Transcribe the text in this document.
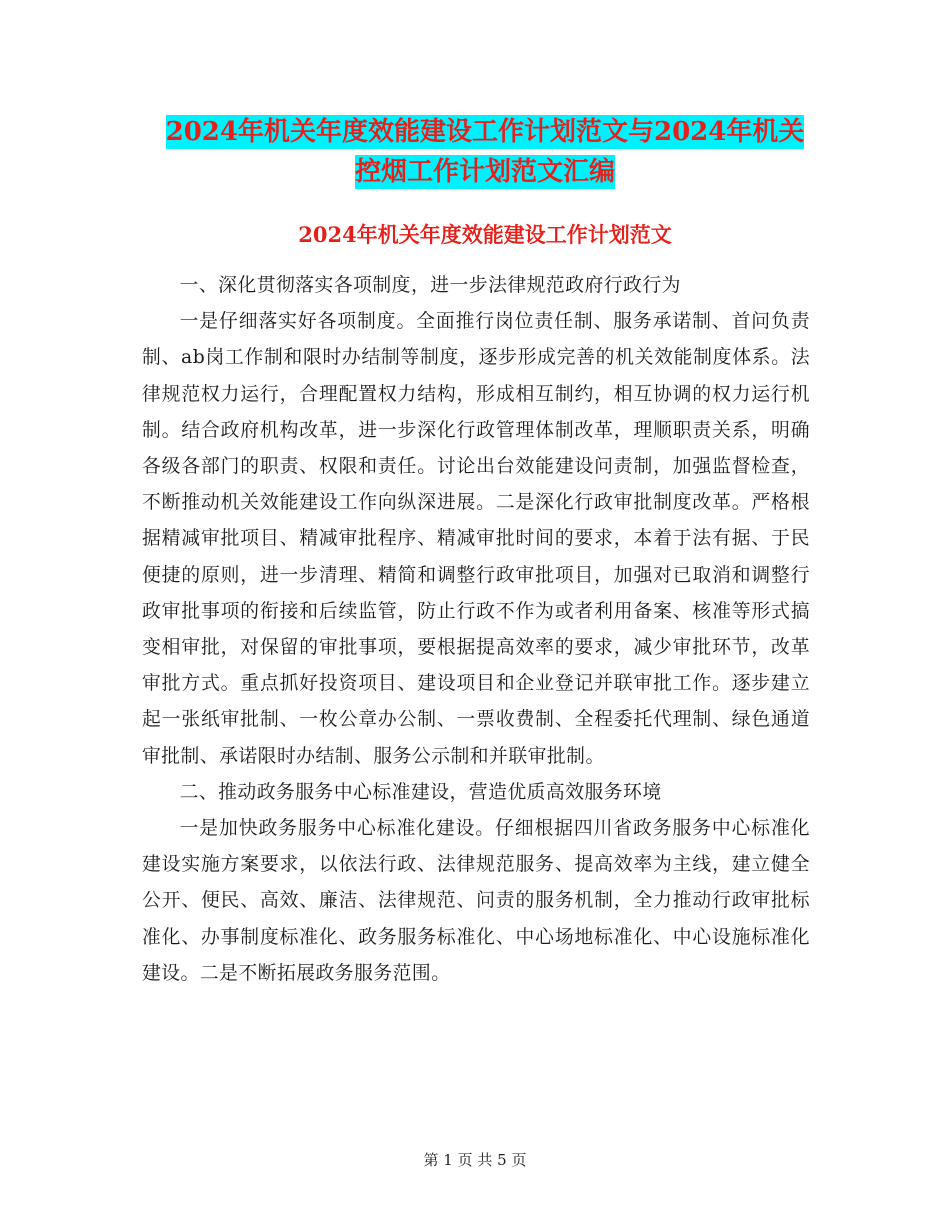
2024年机关年度效能建设工作计划范文与2024年机关
控烟工作计划范文汇编
2024年机关年度效能建设工作计划范文

一、深化贯彻落实各项制度，进一步法律规范政府行政行为

一是仔细落实好各项制度。全面推行岗位责任制、服务承诺制、首问负责制、ab岗工作制和限时办结制等制度，逐步形成完善的机关效能制度体系。法律规范权力运行，合理配置权力结构，形成相互制约，相互协调的权力运行机制。结合政府机构改革，进一步深化行政管理体制改革，理顺职责关系，明确各级各部门的职责、权限和责任。讨论出台效能建设问责制，加强监督检查，不断推动机关效能建设工作向纵深进展。二是深化行政审批制度改革。严格根据精减审批项目、精减审批程序、精减审批时间的要求，本着于法有据、于民便捷的原则，进一步清理、精简和调整行政审批项目，加强对已取消和调整行政审批事项的衔接和后续监管，防止行政不作为或者利用备案、核准等形式搞变相审批，对保留的审批事项，要根据提高效率的要求，减少审批环节，改革审批方式。重点抓好投资项目、建设项目和企业登记并联审批工作。逐步建立起一张纸审批制、一枚公章办公制、一票收费制、全程委托代理制、绿色通道审批制、承诺限时办结制、服务公示制和并联审批制。

二、推动政务服务中心标准建设，营造优质高效服务环境

一是加快政务服务中心标准化建设。仔细根据四川省政务服务中心标准化建设实施方案要求，以依法行政、法律规范服务、提高效率为主线，建立健全公开、便民、高效、廉洁、法律规范、问责的服务机制，全力推动行政审批标准化、办事制度标准化、政务服务标准化、中心场地标准化、中心设施标准化建设。二是不断拓展政务服务范围。

第 1 页 共 5 页
